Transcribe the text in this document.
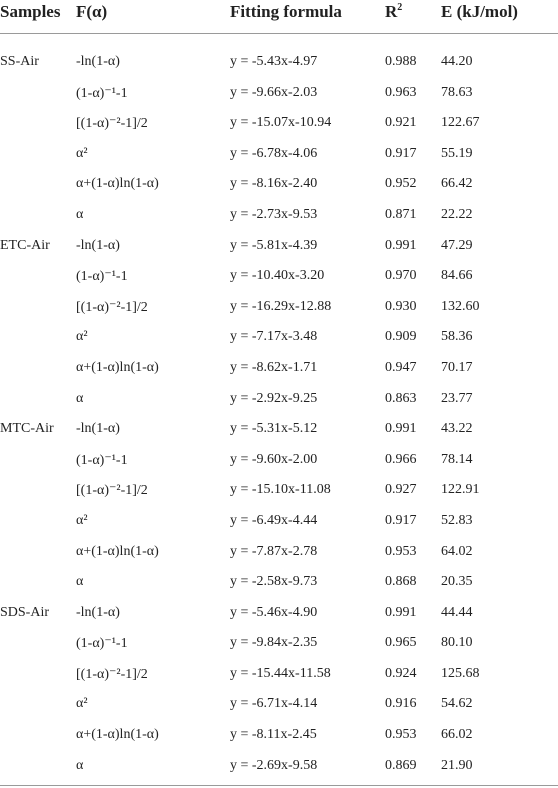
Samples	F(α)	Fitting formula	$R^2$	E (kJ/mol)

SS-Air	-ln(1-α)	y = -5.43x-4.97	0.988	44.20
	(1-α)⁻¹-1	y = -9.66x-2.03	0.963	78.63
	[(1-α)⁻²-1]/2	y = -15.07x-10.94	0.921	122.67
	α²	y = -6.78x-4.06	0.917	55.19
	α+(1-α)ln(1-α)	y = -8.16x-2.40	0.952	66.42
	α	y = -2.73x-9.53	0.871	22.22
ETC-Air	-ln(1-α)	y = -5.81x-4.39	0.991	47.29
	(1-α)⁻¹-1	y = -10.40x-3.20	0.970	84.66
	[(1-α)⁻²-1]/2	y = -16.29x-12.88	0.930	132.60
	α²	y = -7.17x-3.48	0.909	58.36
	α+(1-α)ln(1-α)	y = -8.62x-1.71	0.947	70.17
	α	y = -2.92x-9.25	0.863	23.77
MTC-Air	-ln(1-α)	y = -5.31x-5.12	0.991	43.22
	(1-α)⁻¹-1	y = -9.60x-2.00	0.966	78.14
	[(1-α)⁻²-1]/2	y = -15.10x-11.08	0.927	122.91
	α²	y = -6.49x-4.44	0.917	52.83
	α+(1-α)ln(1-α)	y = -7.87x-2.78	0.953	64.02
	α	y = -2.58x-9.73	0.868	20.35
SDS-Air	-ln(1-α)	y = -5.46x-4.90	0.991	44.44
	(1-α)⁻¹-1	y = -9.84x-2.35	0.965	80.10
	[(1-α)⁻²-1]/2	y = -15.44x-11.58	0.924	125.68
	α²	y = -6.71x-4.14	0.916	54.62
	α+(1-α)ln(1-α)	y = -8.11x-2.45	0.953	66.02
	α	y = -2.69x-9.58	0.869	21.90
